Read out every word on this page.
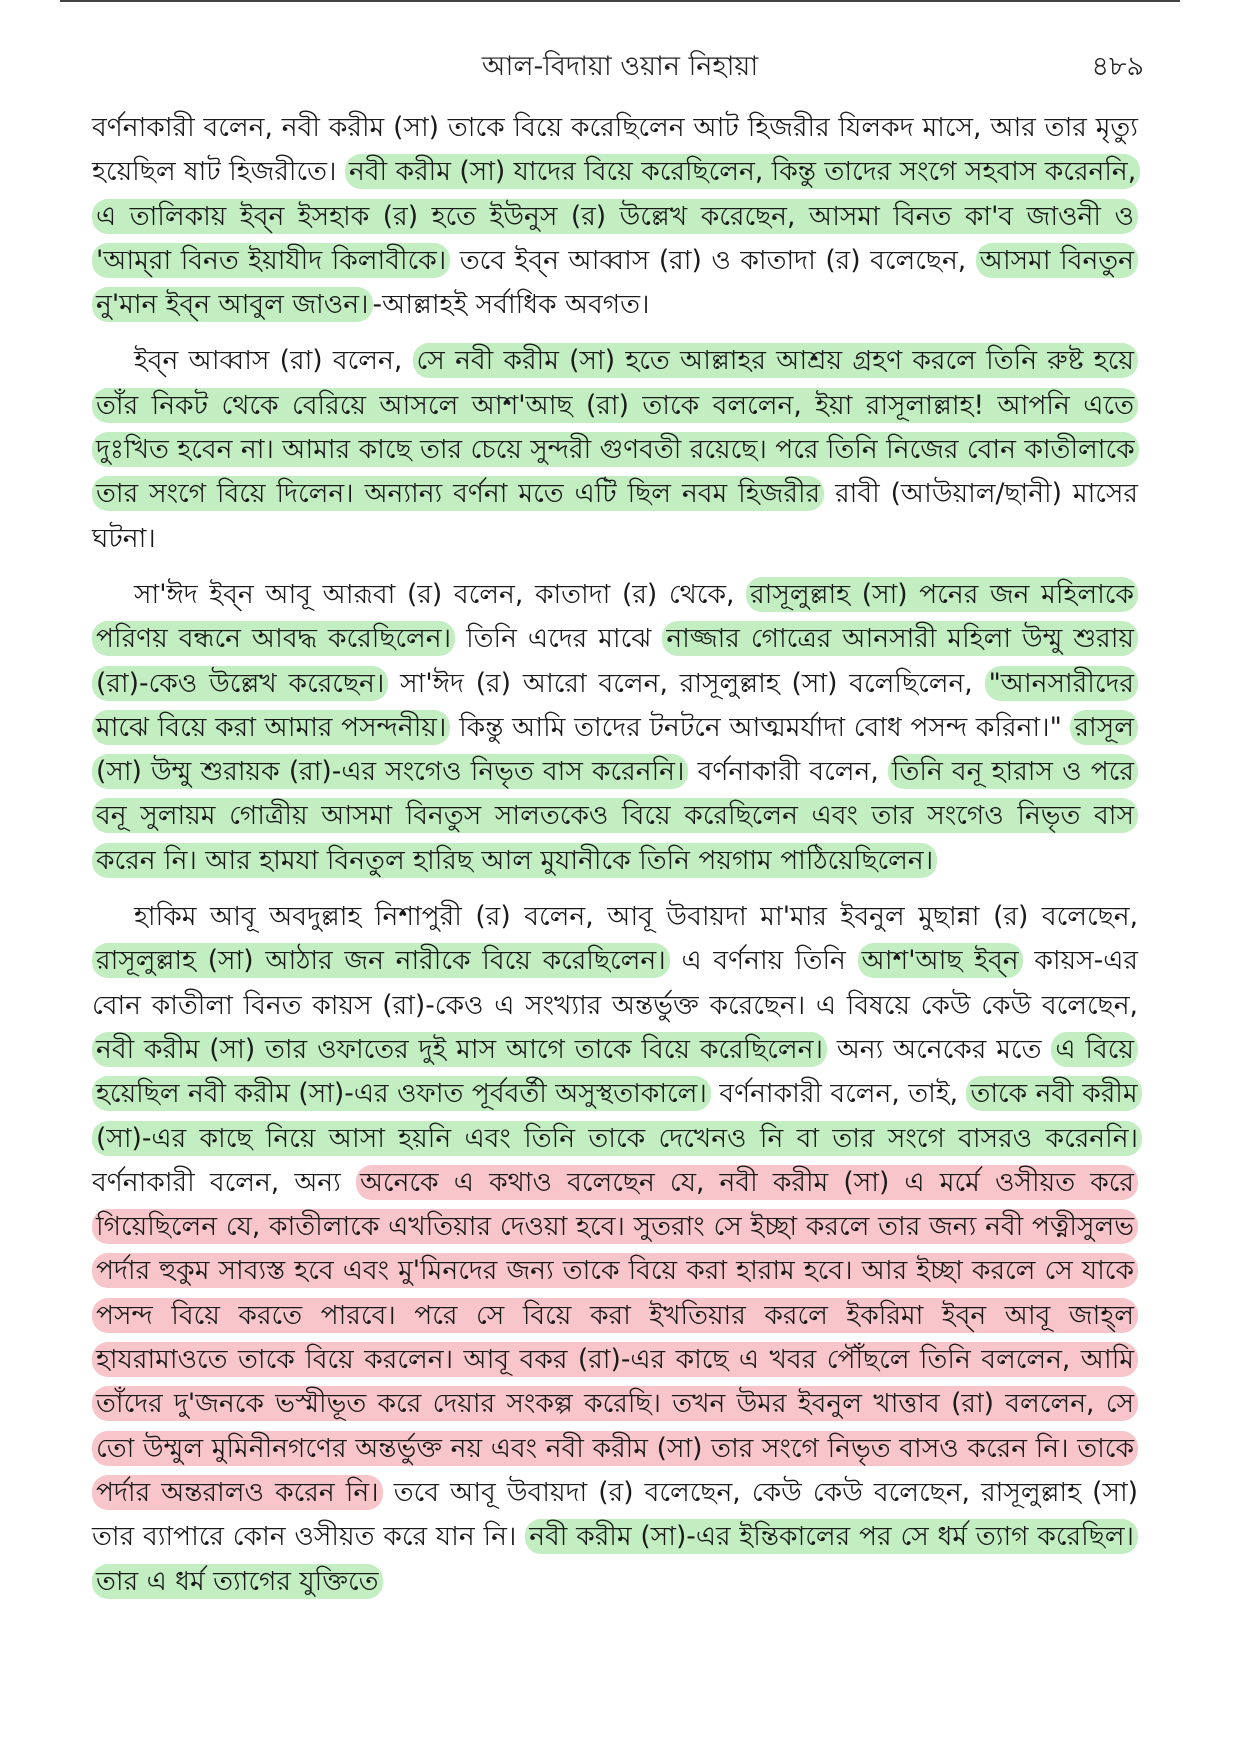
আল-বিদায়া ওয়ান নিহায়া	৪৮৯

বর্ণনাকারী বলেন, নবী করীম (সা) তাকে বিয়ে করেছিলেন আট হিজরীর যিলকদ মাসে, আর তার মৃত্যু হয়েছিল ষাট হিজরীতে। নবী করীম (সা) যাদের বিয়ে করেছিলেন, কিন্তু তাদের সংগে সহবাস করেননি, এ তালিকায় ইব্‌ন ইসহাক (র) হতে ইউনুস (র) উল্লেখ করেছেন, আসমা বিনত কা'ব জাওনী ও 'আম্‌রা বিনত ইয়াযীদ কিলাবীকে। তবে ইব্‌ন আব্বাস (রা) ও কাতাদা (র) বলেছেন, আসমা বিনতুন নু'মান ইব্‌ন আবুল জাওন। -আল্লাহই সর্বাধিক অবগত।

ইব্‌ন আব্বাস (রা) বলেন, সে নবী করীম (সা) হতে আল্লাহর আশ্রয় গ্রহণ করলে তিনি রুষ্ট হয়ে তাঁর নিকট থেকে বেরিয়ে আসলে আশ'আছ (রা) তাকে বললেন, ইয়া রাসূলাল্লাহ! আপনি এতে দুঃখিত হবেন না। আমার কাছে তার চেয়ে সুন্দরী গুণবতী রয়েছে। পরে তিনি নিজের বোন কাতীলাকে তার সংগে বিয়ে দিলেন। অন্যান্য বর্ণনা মতে এটি ছিল নবম হিজরীর রাবী (আউয়াল/ছানী) মাসের ঘটনা।

সা'ঈদ ইব্‌ন আবূ আরূবা (র) বলেন, কাতাদা (র) থেকে, রাসূলুল্লাহ (সা) পনের জন মহিলাকে পরিণয় বন্ধনে আবদ্ধ করেছিলেন। তিনি এদের মাঝে নাজ্জার গোত্রের আনসারী মহিলা উম্মু শুরায় (রা)-কেও উল্লেখ করেছেন। সা'ঈদ (র) আরো বলেন, রাসূলুল্লাহ (সা) বলেছিলেন, "আনসারীদের মাঝে বিয়ে করা আমার পসন্দনীয়। কিন্তু আমি তাদের টনটনে আত্মমর্যাদা বোধ পসন্দ করিনা।" রাসূল (সা) উম্মু শুরায়ক (রা)-এর সংগেও নিভৃত বাস করেননি। বর্ণনাকারী বলেন, তিনি বনূ হারাস ও পরে বনূ সুলায়ম গোত্রীয় আসমা বিনতুস সালতকেও বিয়ে করেছিলেন এবং তার সংগেও নিভৃত বাস করেন নি। আর হামযা বিনতুল হারিছ আল মুযানীকে তিনি পয়গাম পাঠিয়েছিলেন।

হাকিম আবূ অবদুল্লাহ নিশাপুরী (র) বলেন, আবূ উবায়দা মা'মার ইবনুল মুছান্না (র) বলেছেন, রাসূলুল্লাহ (সা) আঠার জন নারীকে বিয়ে করেছিলেন। এ বর্ণনায় তিনি আশ'আছ ইব্‌ন কায়স-এর বোন কাতীলা বিনত কায়স (রা)-কেও এ সংখ্যার অন্তর্ভুক্ত করেছেন। এ বিষয়ে কেউ কেউ বলেছেন, নবী করীম (সা) তার ওফাতের দুই মাস আগে তাকে বিয়ে করেছিলেন। অন্য অনেকের মতে এ বিয়ে হয়েছিল নবী করীম (সা)-এর ওফাত পূর্ববর্তী অসুস্থতাকালে। বর্ণনাকারী বলেন, তাই, তাকে নবী করীম (সা)-এর কাছে নিয়ে আসা হয়নি এবং তিনি তাকে দেখেনও নি বা তার সংগে বাসরও করেননি। বর্ণনাকারী বলেন, অন্য অনেকে এ কথাও বলেছেন যে, নবী করীম (সা) এ মর্মে ওসীয়ত করে গিয়েছিলেন যে, কাতীলাকে এখতিয়ার দেওয়া হবে। সুতরাং সে ইচ্ছা করলে তার জন্য নবী পত্নীসুলভ পর্দার হুকুম সাব্যস্ত হবে এবং মু'মিনদের জন্য তাকে বিয়ে করা হারাম হবে। আর ইচ্ছা করলে সে যাকে পসন্দ বিয়ে করতে পারবে। পরে সে বিয়ে করা ইখতিয়ার করলে ইকরিমা ইব্‌ন আবূ জাহ্‌ল হাযরামাওতে তাকে বিয়ে করলেন। আবূ বকর (রা)-এর কাছে এ খবর পৌঁছলে তিনি বললেন, আমি তাঁদের দু'জনকে ভস্মীভূত করে দেয়ার সংকল্প করেছি। তখন উমর ইবনুল খাত্তাব (রা) বললেন, সে তো উম্মুল মুমিনীনগণের অন্তর্ভুক্ত নয় এবং নবী করীম (সা) তার সংগে নিভৃত বাসও করেন নি। তাকে পর্দার অন্তরালও করেন নি। তবে আবূ উবায়দা (র) বলেছেন, কেউ কেউ বলেছেন, রাসূলুল্লাহ (সা) তার ব্যাপারে কোন ওসীয়ত করে যান নি। নবী করীম (সা)-এর ইন্তিকালের পর সে ধর্ম ত্যাগ করেছিল। তার এ ধর্ম ত্যাগের যুক্তিতে
